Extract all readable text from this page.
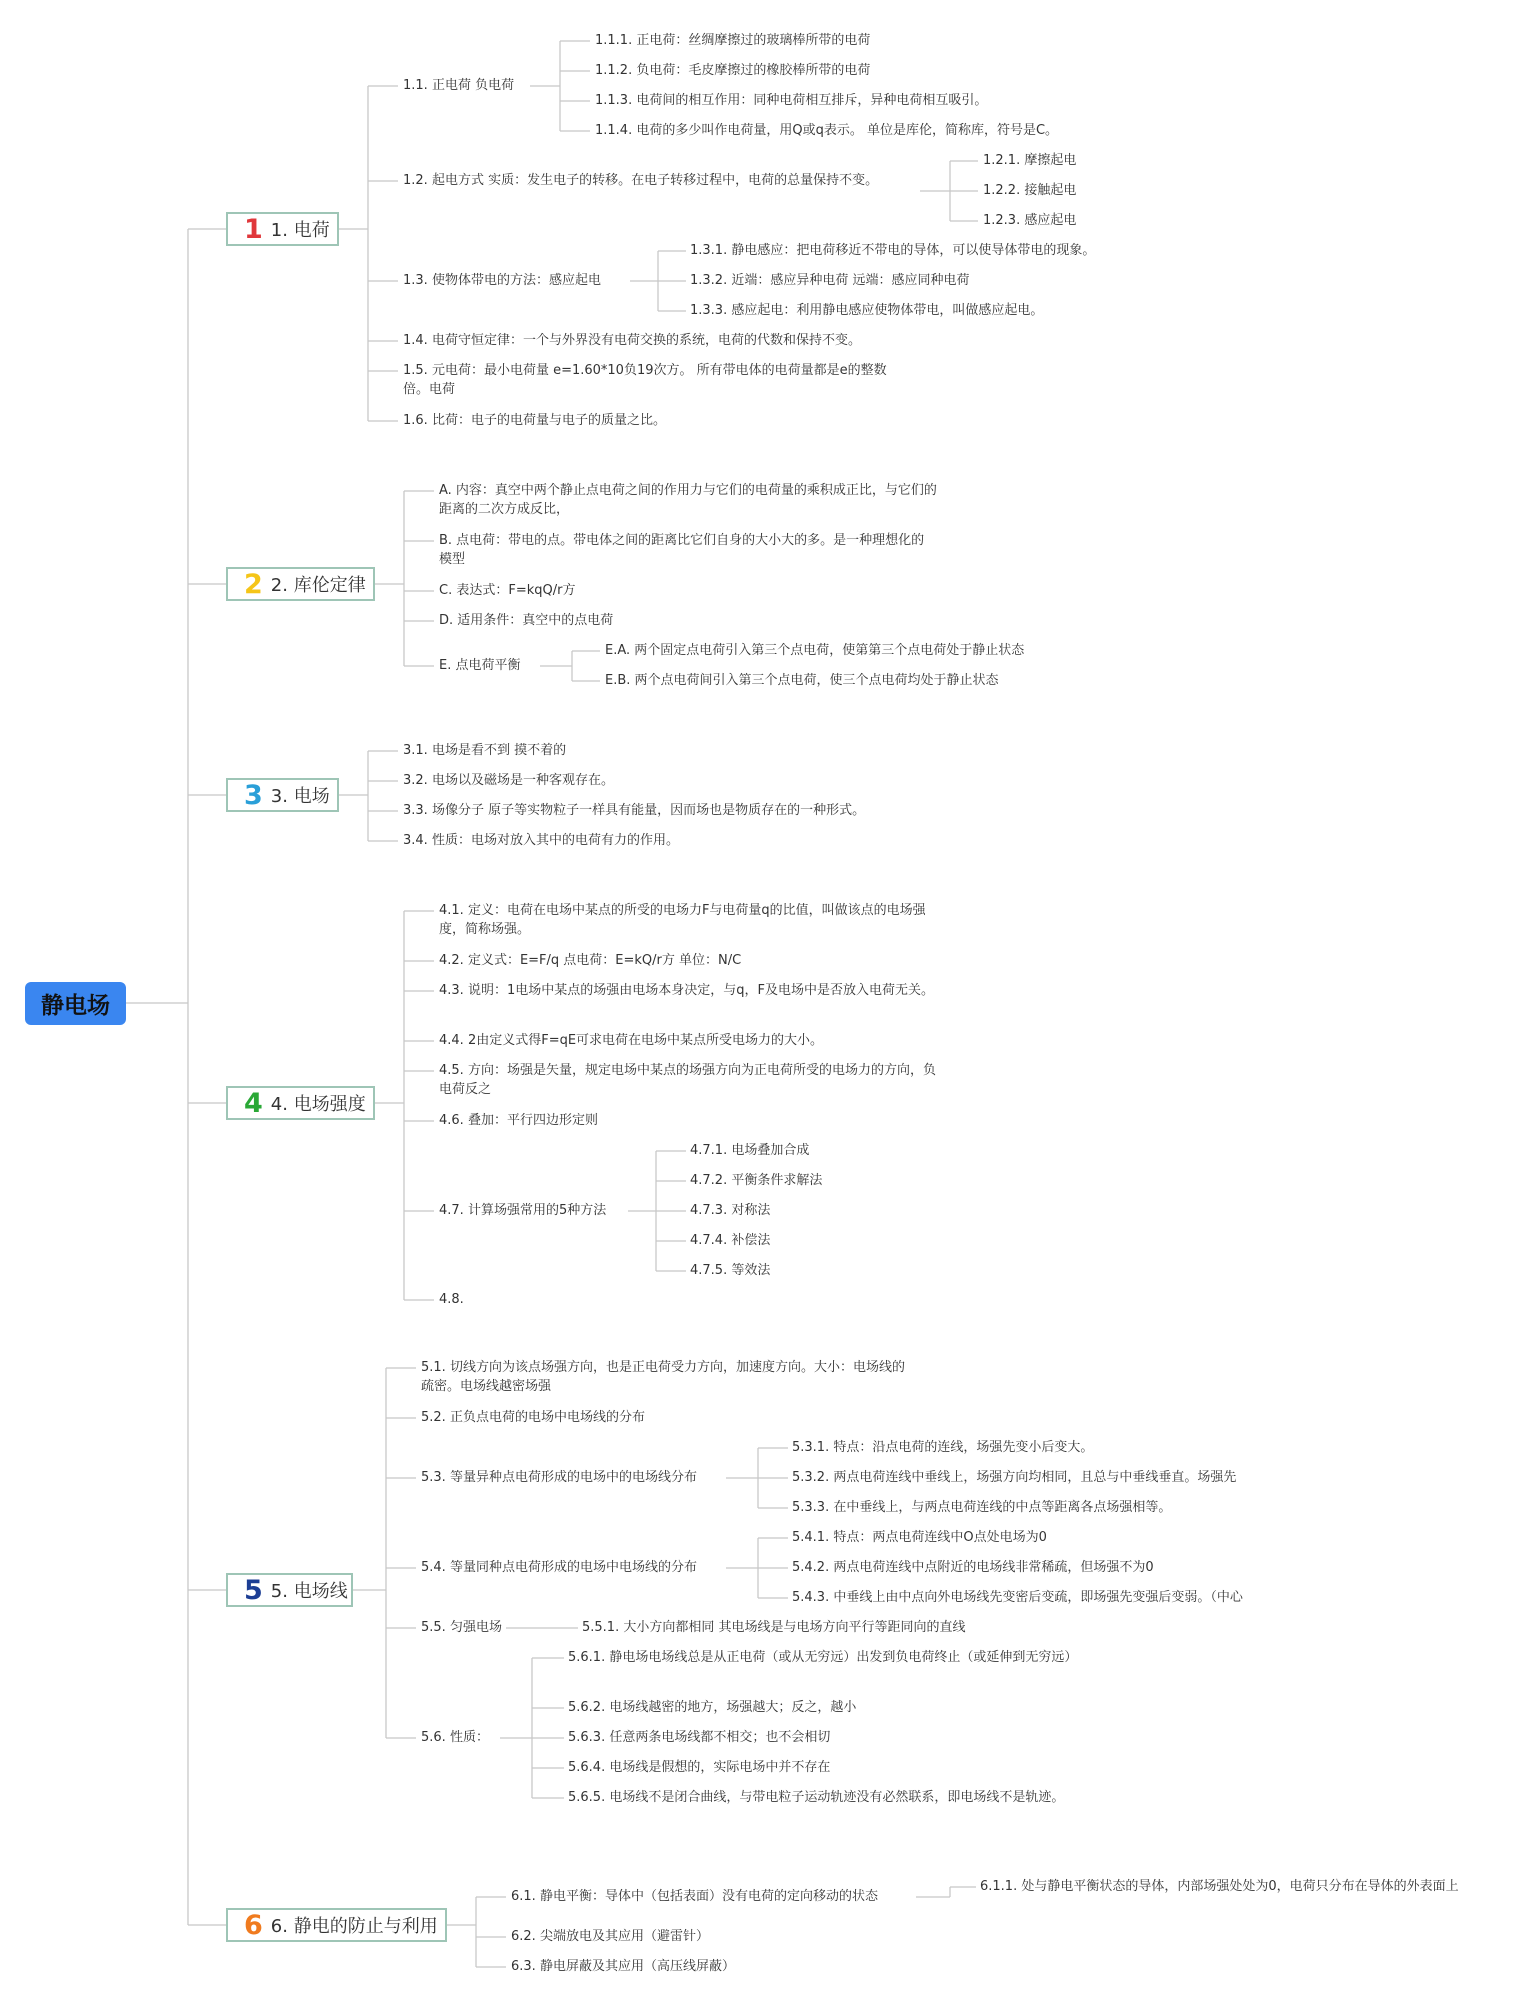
静电场
1 1. 电荷
1.1. 正电荷 负电荷
1.1.1. 正电荷：丝绸摩擦过的玻璃棒所带的电荷
1.1.2. 负电荷：毛皮摩擦过的橡胶棒所带的电荷
1.1.3. 电荷间的相互作用：同种电荷相互排斥，异种电荷相互吸引。
1.1.4. 电荷的多少叫作电荷量，用Q或q表示。 单位是库伦，简称库，符号是C。
1.2. 起电方式 实质：发生电子的转移。在电子转移过程中，电荷的总量保持不变。
1.2.1. 摩擦起电
1.2.2. 接触起电
1.2.3. 感应起电
1.3. 使物体带电的方法：感应起电
1.3.1. 静电感应：把电荷移近不带电的导体，可以使导体带电的现象。
1.3.2. 近端：感应异种电荷 远端：感应同种电荷
1.3.3. 感应起电：利用静电感应使物体带电，叫做感应起电。
1.4. 电荷守恒定律：一个与外界没有电荷交换的系统，电荷的代数和保持不变。
1.5. 元电荷：最小电荷量 e=1.60*10负19次方。 所有带电体的电荷量都是e的整数倍。电荷
1.6. 比荷：电子的电荷量与电子的质量之比。
2 2. 库伦定律
A. 内容：真空中两个静止点电荷之间的作用力与它们的电荷量的乘积成正比，与它们的距离的二次方成反比，
B. 点电荷：带电的点。带电体之间的距离比它们自身的大小大的多。是一种理想化的模型
C. 表达式：F=kqQ/r方
D. 适用条件：真空中的点电荷
E. 点电荷平衡
E.A. 两个固定点电荷引入第三个点电荷，使第第三个点电荷处于静止状态
E.B. 两个点电荷间引入第三个点电荷，使三个点电荷均处于静止状态
3 3. 电场
3.1. 电场是看不到 摸不着的
3.2. 电场以及磁场是一种客观存在。
3.3. 场像分子 原子等实物粒子一样具有能量，因而场也是物质存在的一种形式。
3.4. 性质：电场对放入其中的电荷有力的作用。
4 4. 电场强度
4.1. 定义：电荷在电场中某点的所受的电场力F与电荷量q的比值，叫做该点的电场强度，简称场强。
4.2. 定义式：E=F/q 点电荷：E=kQ/r方 单位：N/C
4.3. 说明：1电场中某点的场强由电场本身决定，与q，F及电场中是否放入电荷无关。
4.4. 2由定义式得F=qE可求电荷在电场中某点所受电场力的大小。
4.5. 方向：场强是矢量，规定电场中某点的场强方向为正电荷所受的电场力的方向，负电荷反之
4.6. 叠加：平行四边形定则
4.7. 计算场强常用的5种方法
4.7.1. 电场叠加合成
4.7.2. 平衡条件求解法
4.7.3. 对称法
4.7.4. 补偿法
4.7.5. 等效法
4.8.
5 5. 电场线
5.1. 切线方向为该点场强方向，也是正电荷受力方向，加速度方向。大小：电场线的疏密。电场线越密场强
5.2. 正负点电荷的电场中电场线的分布
5.3. 等量异种点电荷形成的电场中的电场线分布
5.3.1. 特点：沿点电荷的连线，场强先变小后变大。
5.3.2. 两点电荷连线中垂线上，场强方向均相同，且总与中垂线垂直。场强先
5.3.3. 在中垂线上，与两点电荷连线的中点等距离各点场强相等。
5.4. 等量同种点电荷形成的电场中电场线的分布
5.4.1. 特点：两点电荷连线中O点处电场为0
5.4.2. 两点电荷连线中点附近的电场线非常稀疏，但场强不为0
5.4.3. 中垂线上由中点向外电场线先变密后变疏，即场强先变强后变弱。（中心
5.5. 匀强电场	5.5.1. 大小方向都相同 其电场线是与电场方向平行等距同向的直线
5.6. 性质：
5.6.1. 静电场电场线总是从正电荷（或从无穷远）出发到负电荷终止（或延伸到无穷远）
5.6.2. 电场线越密的地方，场强越大；反之，越小
5.6.3. 任意两条电场线都不相交；也不会相切
5.6.4. 电场线是假想的，实际电场中并不存在
5.6.5. 电场线不是闭合曲线，与带电粒子运动轨迹没有必然联系，即电场线不是轨迹。
6 6. 静电的防止与利用
6.1. 静电平衡：导体中（包括表面）没有电荷的定向移动的状态
6.1.1. 处与静电平衡状态的导体，内部场强处处为0，电荷只分布在导体的外表面上
6.2. 尖端放电及其应用（避雷针）
6.3. 静电屏蔽及其应用（高压线屏蔽）
